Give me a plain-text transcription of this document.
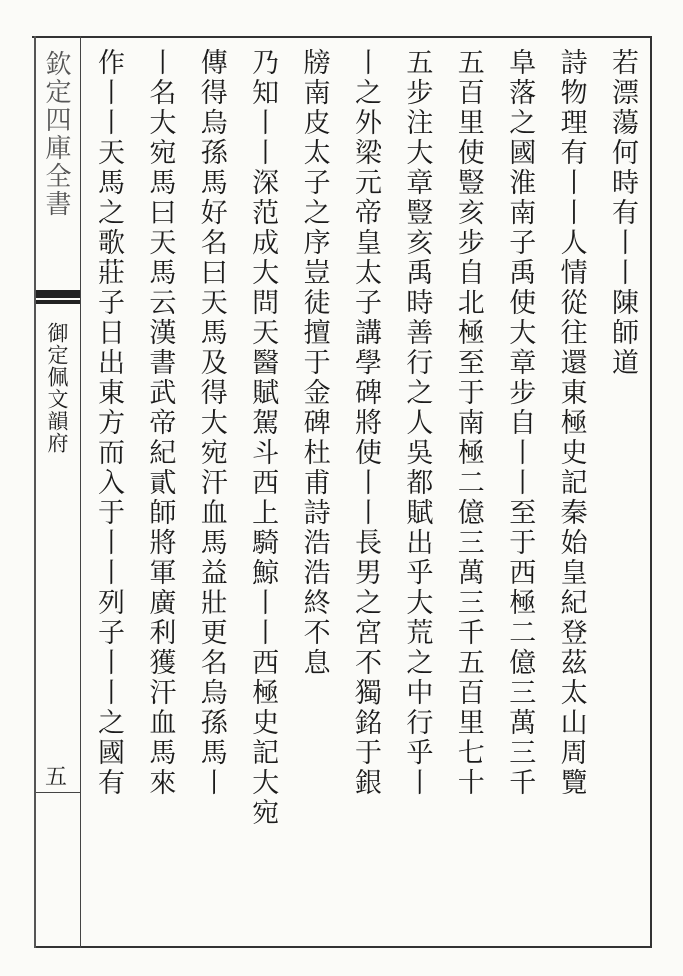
欽定四庫全書
御定佩文韻府
五
若漂蕩何時有丨丨陳師道
詩物理有丨丨人情從往還東極史記秦始皇紀登茲太山周覽
阜落之國淮南子禹使大章步自丨丨至于西極二億三萬三千
五百里使豎亥步自北極至于南極二億三萬三千五百里七十
五步注大章豎亥禹時善行之人吳都賦出乎大荒之中行乎丨
丨之外梁元帝皇太子講學碑將使丨丨長男之宮不獨銘于銀
牓南皮太子之序豈徒擅于金碑杜甫詩浩浩終不息
乃知丨丨深范成大問天醫賦駕斗西上騎鯨丨丨西極史記大宛
傳得烏孫馬好名曰天馬及得大宛汗血馬益壯更名烏孫馬丨
丨名大宛馬曰天馬云漢書武帝紀貳師將軍廣利獲汗血馬來
作丨丨天馬之歌莊子日出東方而入于丨丨列子丨丨之國有
